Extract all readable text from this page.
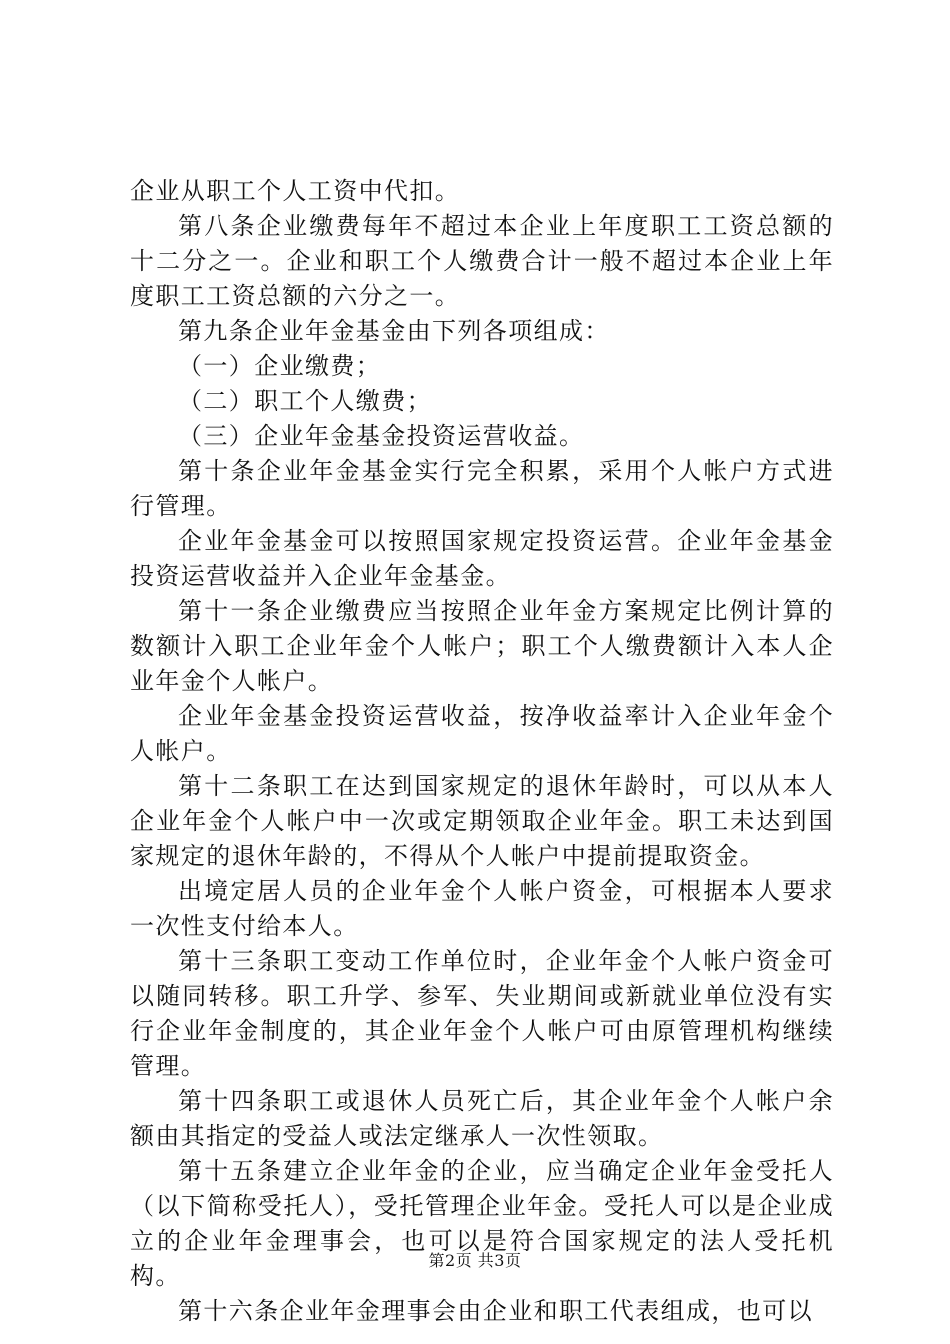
企业从职工个人工资中代扣。

第八条企业缴费每年不超过本企业上年度职工工资总额的十二分之一。企业和职工个人缴费合计一般不超过本企业上年度职工工资总额的六分之一。

第九条企业年金基金由下列各项组成：

（一）企业缴费；

（二）职工个人缴费；

（三）企业年金基金投资运营收益。

第十条企业年金基金实行完全积累，采用个人帐户方式进行管理。

企业年金基金可以按照国家规定投资运营。企业年金基金投资运营收益并入企业年金基金。

第十一条企业缴费应当按照企业年金方案规定比例计算的数额计入职工企业年金个人帐户；职工个人缴费额计入本人企业年金个人帐户。

企业年金基金投资运营收益，按净收益率计入企业年金个人帐户。

第十二条职工在达到国家规定的退休年龄时，可以从本人企业年金个人帐户中一次或定期领取企业年金。职工未达到国家规定的退休年龄的，不得从个人帐户中提前提取资金。

出境定居人员的企业年金个人帐户资金，可根据本人要求一次性支付给本人。

第十三条职工变动工作单位时，企业年金个人帐户资金可以随同转移。职工升学、参军、失业期间或新就业单位没有实行企业年金制度的，其企业年金个人帐户可由原管理机构继续管理。

第十四条职工或退休人员死亡后，其企业年金个人帐户余额由其指定的受益人或法定继承人一次性领取。

第十五条建立企业年金的企业，应当确定企业年金受托人（以下简称受托人），受托管理企业年金。受托人可以是企业成立的企业年金理事会，也可以是符合国家规定的法人受托机构。

第十六条企业年金理事会由企业和职工代表组成，也可以

第2页 共3页
